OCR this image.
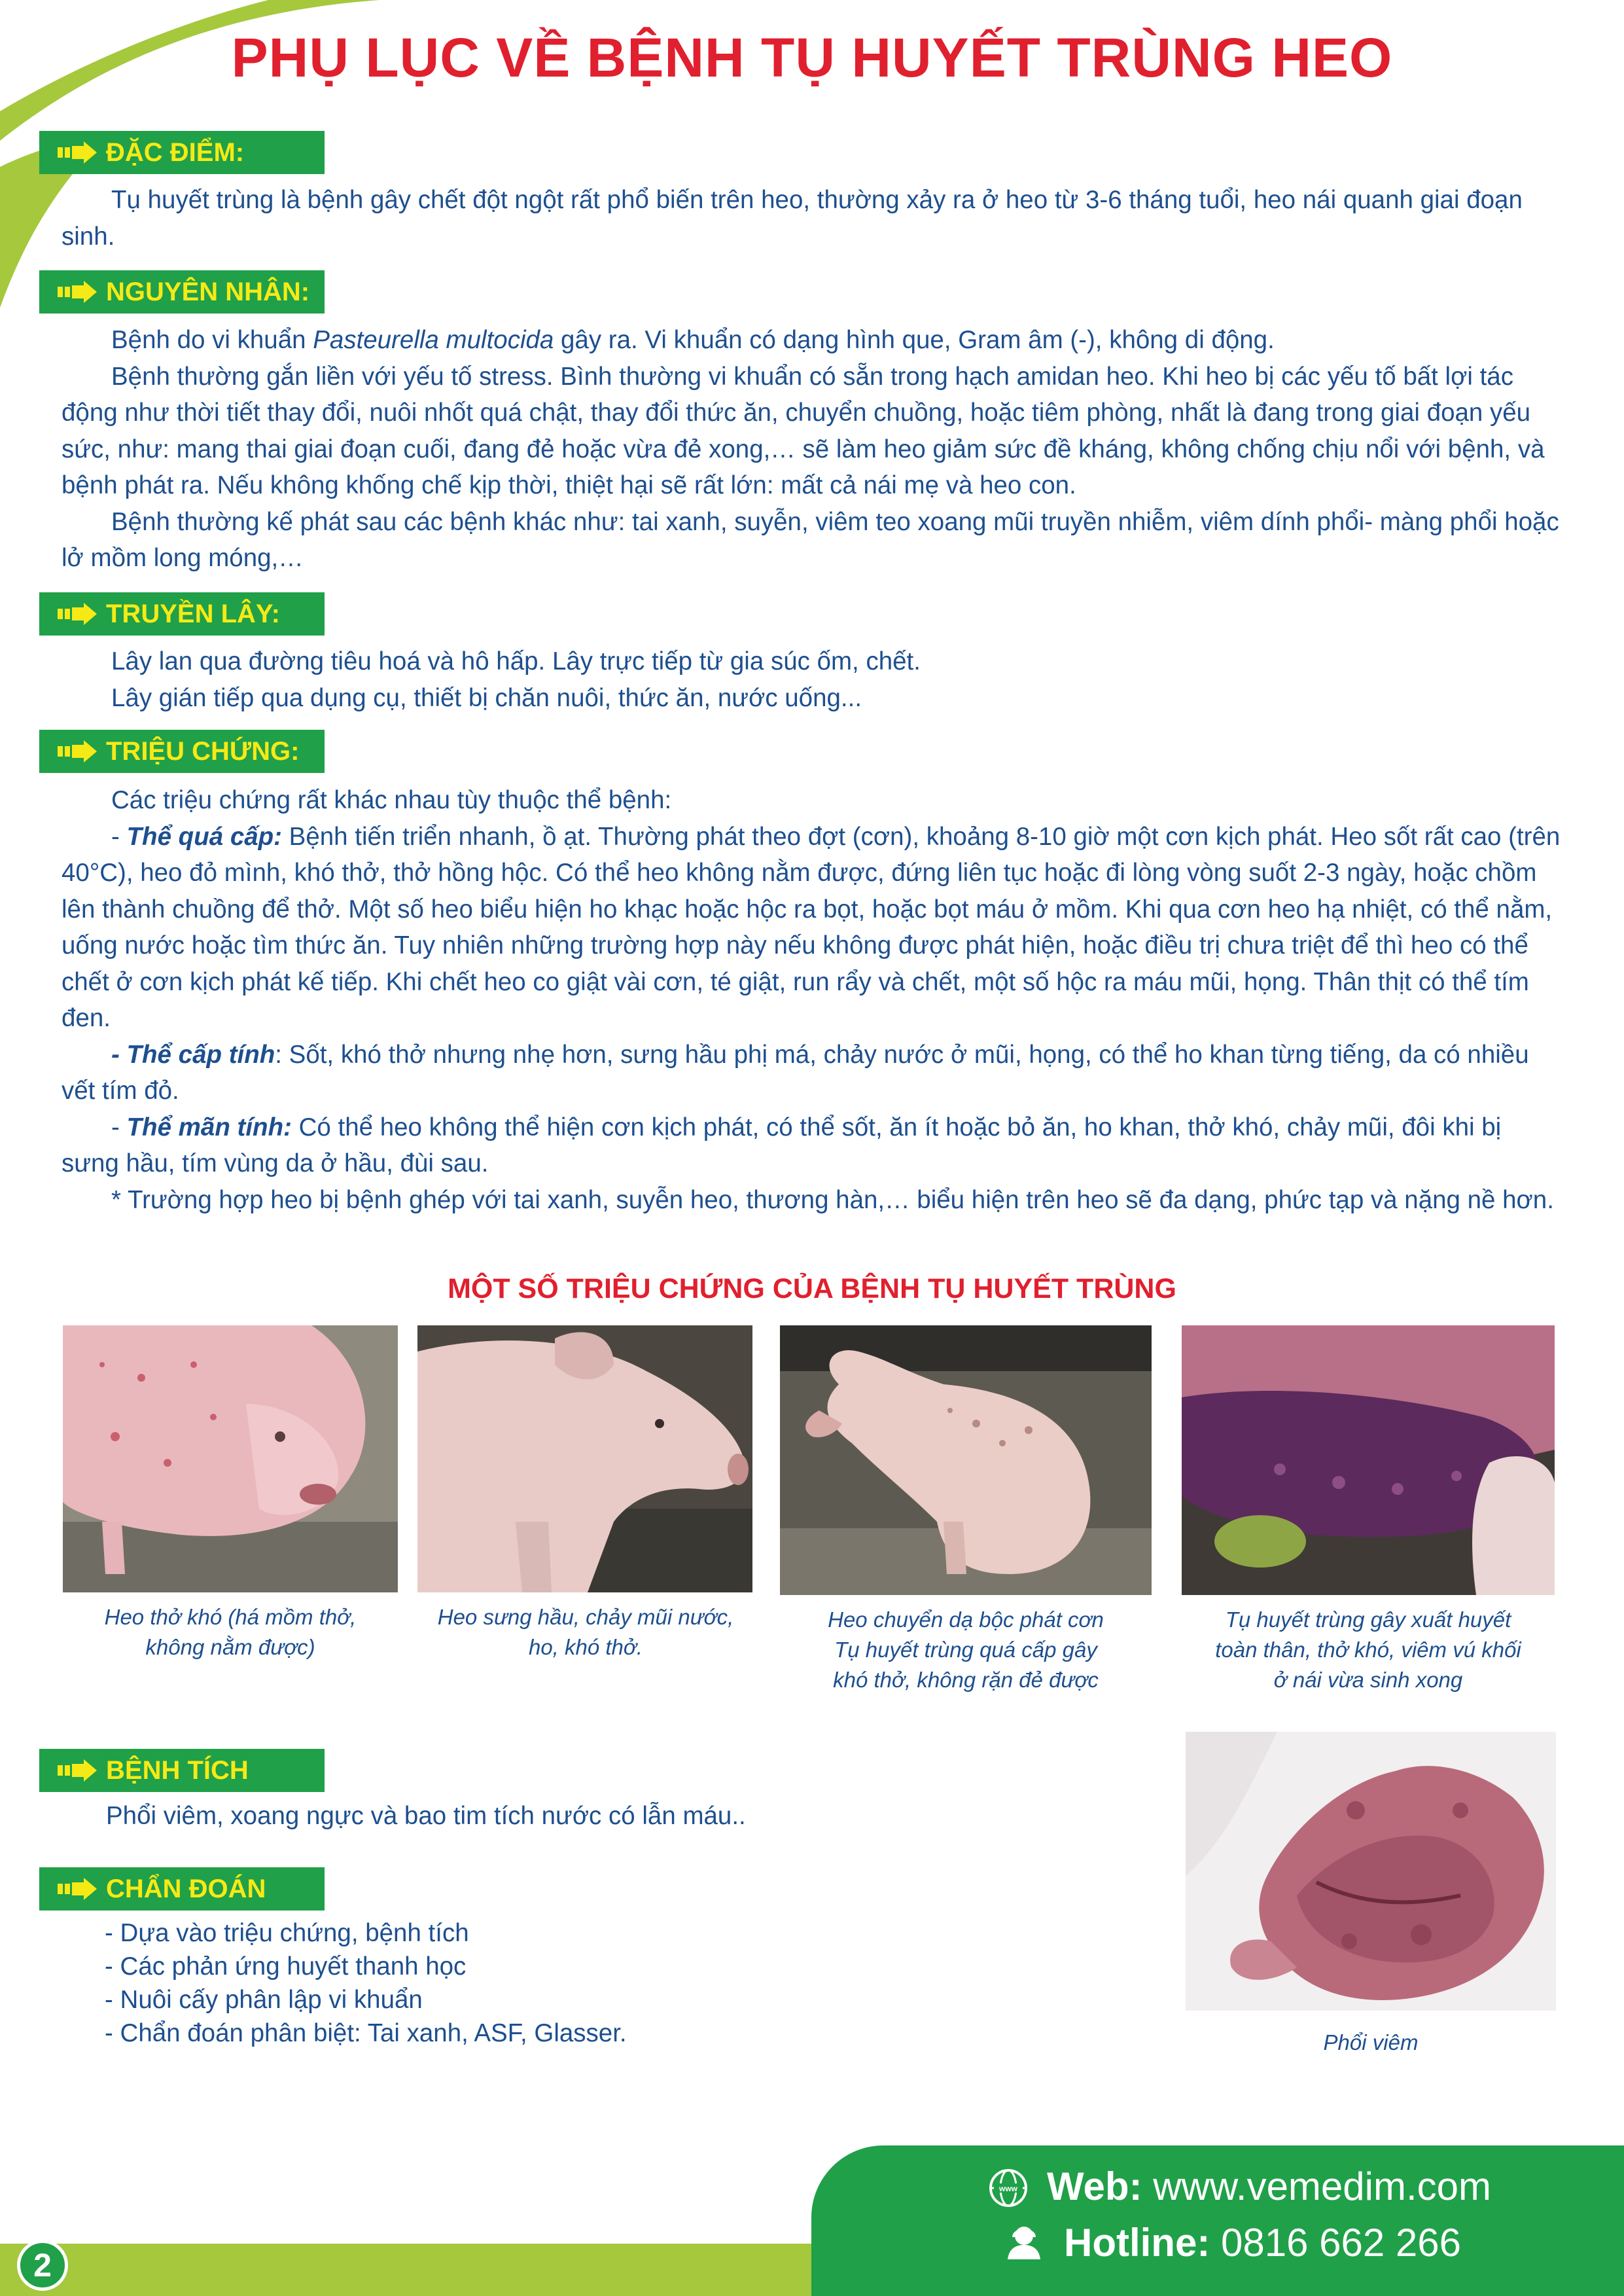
PHỤ LỤC VỀ BỆNH TỤ HUYẾT TRÙNG HEO
ĐẶC ĐIỂM:

Tụ huyết trùng là bệnh gây chết đột ngột rất phổ biến trên heo, thường xảy ra ở heo từ 3-6 tháng tuổi, heo nái quanh giai đoạn sinh.

NGUYÊN NHÂN:

Bệnh do vi khuẩn Pasteurella multocida gây ra. Vi khuẩn có dạng hình que, Gram âm (-), không di động.

Bệnh thường gắn liền với yếu tố stress. Bình thường vi khuẩn có sẵn trong hạch amidan heo. Khi heo bị các yếu tố bất lợi tác động như thời tiết thay đổi, nuôi nhốt quá chật, thay đổi thức ăn, chuyển chuồng, hoặc tiêm phòng, nhất là đang trong giai đoạn yếu sức, như: mang thai giai đoạn cuối, đang đẻ hoặc vừa đẻ xong,… sẽ làm heo giảm sức đề kháng, không chống chịu nổi với bệnh, và bệnh phát ra. Nếu không khống chế kịp thời, thiệt hại sẽ rất lớn: mất cả nái mẹ và heo con.

Bệnh thường kế phát sau các bệnh khác như: tai xanh, suyễn, viêm teo xoang mũi truyền nhiễm, viêm dính phổi- màng phổi hoặc lở mồm long móng,…

TRUYỀN LÂY:

Lây lan qua đường tiêu hoá và hô hấp. Lây trực tiếp từ gia súc ốm, chết.

Lây gián tiếp qua dụng cụ, thiết bị chăn nuôi, thức ăn, nước uống...

TRIỆU CHỨNG:

Các triệu chứng rất khác nhau tùy thuộc thể bệnh:

- Thể quá cấp: Bệnh tiến triển nhanh, ồ ạt. Thường phát theo đợt (cơn), khoảng 8-10 giờ một cơn kịch phát. Heo sốt rất cao (trên 40°C), heo đỏ mình, khó thở, thở hồng hộc. Có thể heo không nằm được, đứng liên tục hoặc đi lòng vòng suốt 2-3 ngày, hoặc chồm lên thành chuồng để thở. Một số heo biểu hiện ho khạc hoặc hộc ra bọt, hoặc bọt máu ở mồm. Khi qua cơn heo hạ nhiệt, có thể nằm, uống nước hoặc tìm thức ăn. Tuy nhiên những trường hợp này nếu không được phát hiện, hoặc điều trị chưa triệt để thì heo có thể chết ở cơn kịch phát kế tiếp. Khi chết heo co giật vài cơn, té giật, run rẩy và chết, một số hộc ra máu mũi, họng. Thân thịt có thể tím đen.

- Thể cấp tính: Sốt, khó thở nhưng nhẹ hơn, sưng hầu phị má, chảy nước ở mũi, họng, có thể ho khan từng tiếng, da có nhiều vết tím đỏ.

- Thể mãn tính: Có thể heo không thể hiện cơn kịch phát, có thể sốt, ăn ít hoặc bỏ ăn, ho khan, thở khó, chảy mũi, đôi khi bị sưng hầu, tím vùng da ở hầu, đùi sau.

* Trường hợp heo bị bệnh ghép với tai xanh, suyễn heo, thương hàn,… biểu hiện trên heo sẽ đa dạng, phức tạp và nặng nề hơn.

MỘT SỐ TRIỆU CHỨNG CỦA BỆNH TỤ HUYẾT TRÙNG
Heo thở khó (há mồm thở,
không nằm được)
Heo sưng hầu, chảy mũi nước,
ho, khó thở.
Heo chuyển dạ bộc phát cơn
Tụ huyết trùng quá cấp gây
khó thở, không rặn đẻ được
Tụ huyết trùng gây xuất huyết
toàn thân, thở khó, viêm vú khối
ở nái vừa sinh xong
BỆNH TÍCH

Phổi viêm, xoang ngực và bao tim tích nước có lẫn máu..

CHẨN ĐOÁN
- Dựa vào triệu chứng, bệnh tích
- Các phản ứng huyết thanh học
- Nuôi cấy phân lập vi khuẩn
- Chẩn đoán phân biệt: Tai xanh, ASF, Glasser.	Phổi viêm
www Web: www.vemedim.com
Hotline: 0816 662 266
2
